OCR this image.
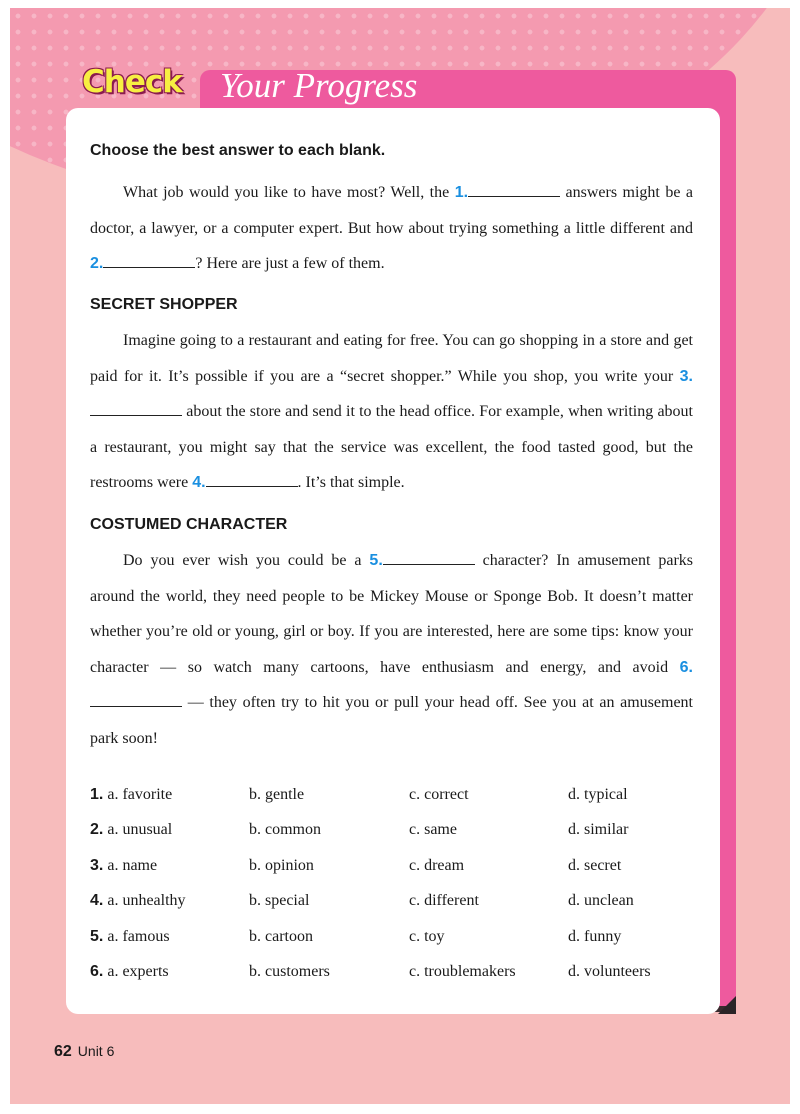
Check Your Progress
Choose the best answer to each blank.

What job would you like to have most? Well, the 1.	answers might be a doctor, a lawyer, or a computer expert. But how about trying something a little different and 2.	? Here are just a few of them.

SECRET SHOPPER

Imagine going to a restaurant and eating for free. You can go shopping in a store and get paid for it. It’s possible if you are a “secret shopper.” While you shop, you write your 3. about the store and send it to the head office. For example, when writing about a restaurant, you might say that the service was excellent, the food tasted good, but the restrooms were 4.	. It’s that simple.

COSTUMED CHARACTER

Do you ever wish you could be a 5.	character? In amusement parks around the world, they need people to be Mickey Mouse or Sponge Bob. It doesn’t matter whether you’re old or young, girl or boy. If you are interested, here are some tips: know your character — so watch many cartoons, have enthusiasm and energy, and avoid 6. — they often try to hit you or pull your head off. See you at an amusement park soon!

1. a. favorite	b. gentle	c. correct	d. typical
2. a. unusual	b. common	c. same	d. similar
3. a. name	b. opinion	c. dream	d. secret
4. a. unhealthy	b. special	c. different	d. unclean
5. a. famous	b. cartoon	c. toy	d. funny
6. a. experts	b. customers	c. troublemakers	d. volunteers
62 Unit 6
